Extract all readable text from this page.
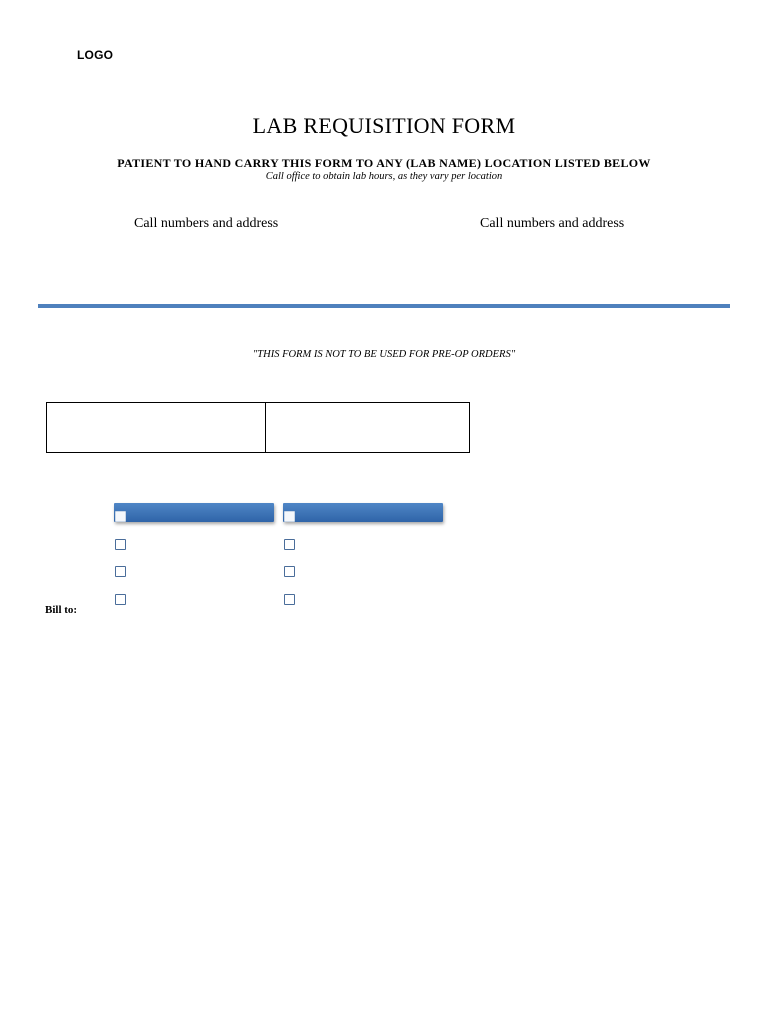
LOGO
LAB REQUISITION FORM
PATIENT TO HAND CARRY THIS FORM TO ANY (LAB NAME) LOCATION LISTED BELOW
Call office to obtain lab hours, as they vary per location
Call numbers and address	Call numbers and address
"THIS FORM IS NOT TO BE USED FOR PRE-OP ORDERS"
Bill to:
